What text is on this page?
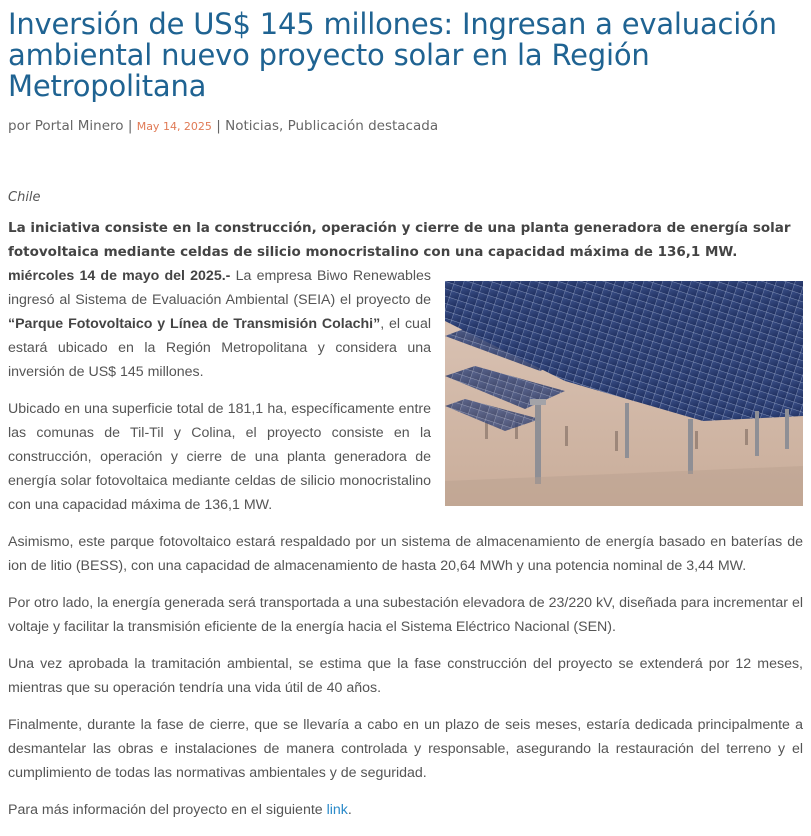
Inversión de US$ 145 millones: Ingresan a evaluación ambiental nuevo proyecto solar en la Región Metropolitana
por Portal Minero | May 14, 2025 | Noticias, Publicación destacada
Chile
La iniciativa consiste en la construcción, operación y cierre de una planta generadora de energía solar fotovoltaica mediante celdas de silicio monocristalino con una capacidad máxima de 136,1 MW.

miércoles 14 de mayo del 2025.- La empresa Biwo Renewables ingresó al Sistema de Evaluación Ambiental (SEIA) el proyecto de “Parque Fotovoltaico y Línea de Transmisión Colachi”, el cual estará ubicado en la Región Metropolitana y considera una inversión de US$ 145 millones.

Ubicado en una superficie total de 181,1 ha, específicamente entre las comunas de Til-Til y Colina, el proyecto consiste en la construcción, operación y cierre de una planta generadora de energía solar fotovoltaica mediante celdas de silicio monocristalino con una capacidad máxima de 136,1 MW.

Asimismo, este parque fotovoltaico estará respaldado por un sistema de almacenamiento de energía basado en baterías de ion de litio (BESS), con una capacidad de almacenamiento de hasta 20,64 MWh y una potencia nominal de 3,44 MW.

Por otro lado, la energía generada será transportada a una subestación elevadora de 23/220 kV, diseñada para incrementar el voltaje y facilitar la transmisión eficiente de la energía hacia el Sistema Eléctrico Nacional (SEN).

Una vez aprobada la tramitación ambiental, se estima que la fase construcción del proyecto se extenderá por 12 meses, mientras que su operación tendría una vida útil de 40 años.

Finalmente, durante la fase de cierre, que se llevaría a cabo en un plazo de seis meses, estaría dedicada principalmente a desmantelar las obras e instalaciones de manera controlada y responsable, asegurando la restauración del terreno y el cumplimiento de todas las normativas ambientales y de seguridad.

Para más información del proyecto en el siguiente link.
